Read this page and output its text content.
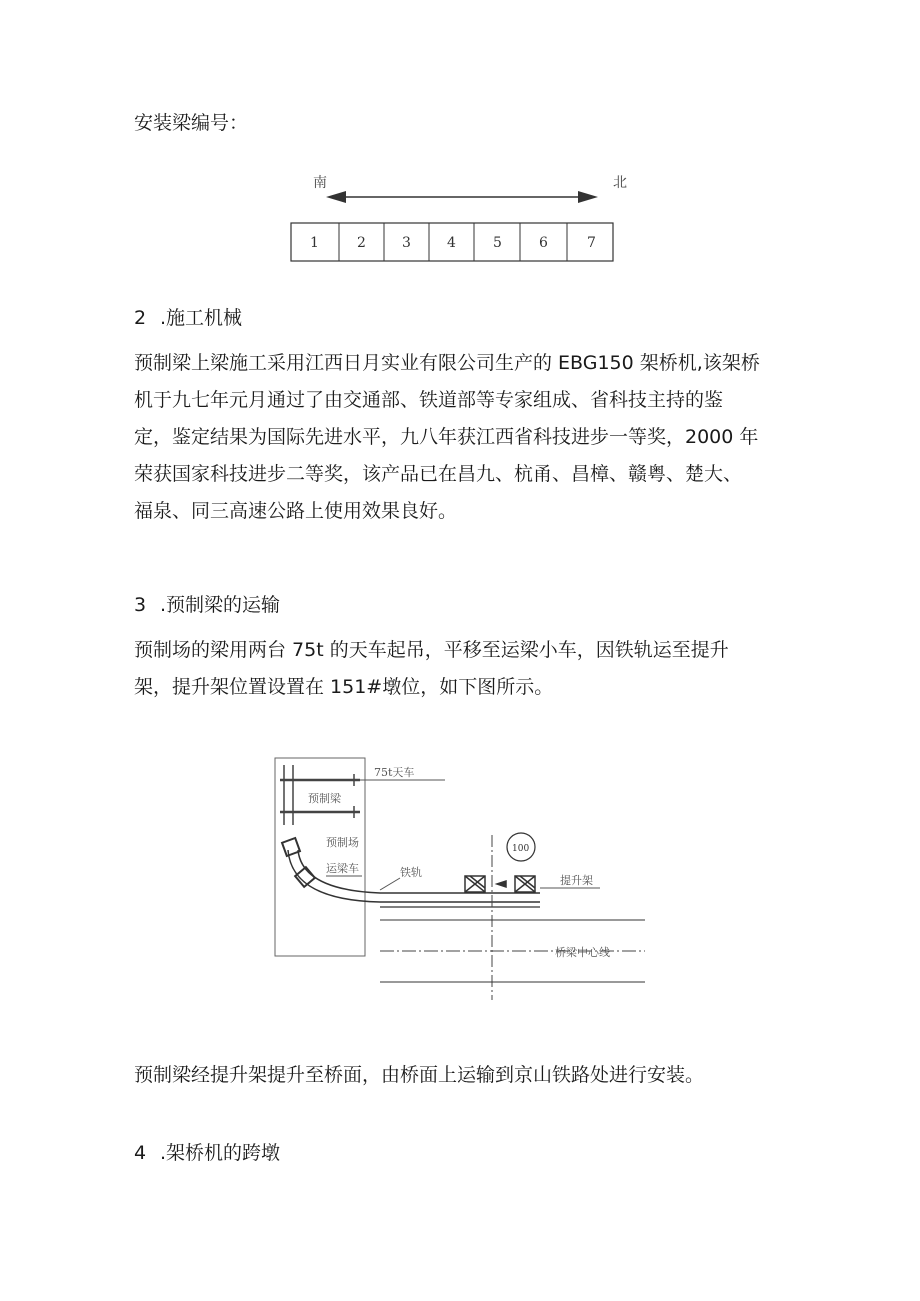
安装梁编号：

南	北
1	2	3	4	5	6	7

2 .施工机械

预制梁上梁施工采用江西日月实业有限公司生产的 EBG150 架桥机,该架桥
机于九七年元月通过了由交通部、铁道部等专家组成、省科技主持的鉴
定，鉴定结果为国际先进水平，九八年获江西省科技进步一等奖，2000 年
荣获国家科技进步二等奖，该产品已在昌九、杭甬、昌樟、赣粤、楚大、
福泉、同三高速公路上使用效果良好。

3 .预制梁的运输

预制场的梁用两台 75t 的天车起吊，平移至运梁小车，因铁轨运至提升
架，提升架位置设置在 151#墩位，如下图所示。
75t天车
预制梁
预制场
运梁车	铁轨
提升架
100
桥梁中心线

预制梁经提升架提升至桥面，由桥面上运输到京山铁路处进行安装。

4 .架桥机的跨墩
